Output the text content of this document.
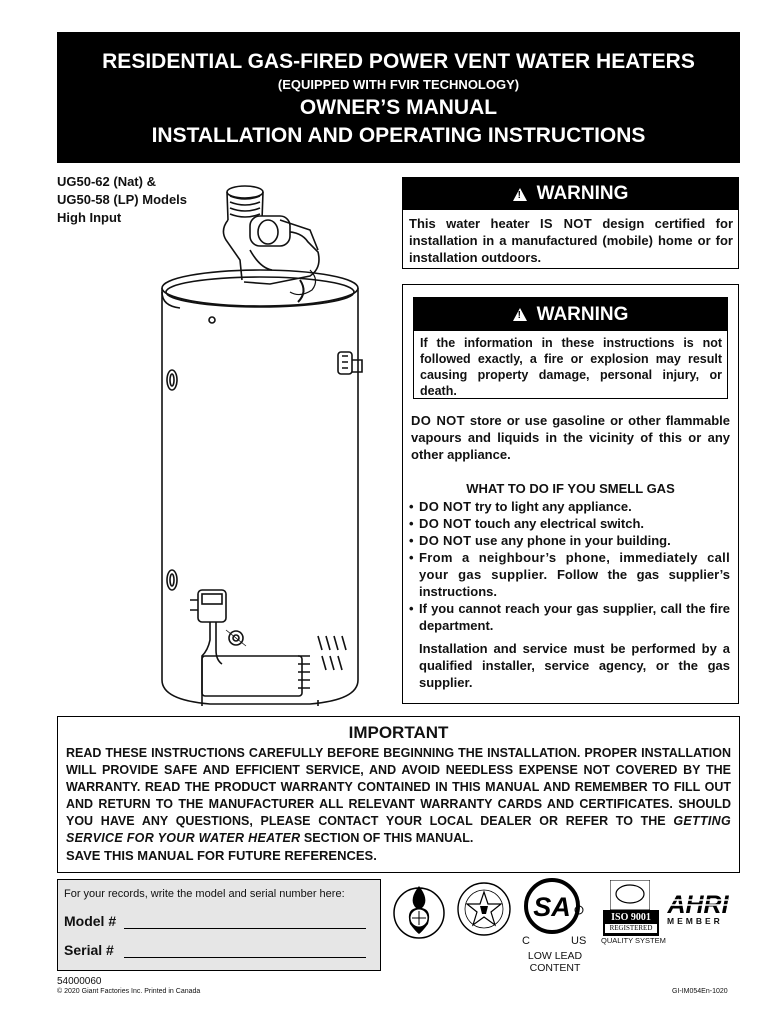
RESIDENTIAL GAS-FIRED POWER VENT WATER HEATERS
(EQUIPPED WITH FVIR TECHNOLOGY)
OWNER’S MANUAL
INSTALLATION AND OPERATING INSTRUCTIONS
UG50-62 (Nat) &
UG50-58 (LP) Models
High Input
! WARNING
This water heater IS NOT design certified for installation in a manufactured (mobile) home or for installation outdoors.
! WARNING
If the information in these instructions is not followed exactly, a fire or explosion may result causing property damage, personal injury, or death.
DO NOT store or use gasoline or other flammable vapours and liquids in the vicinity of this or any other appliance.
WHAT TO DO IF YOU SMELL GAS
• DO NOT try to light any appliance.
• DO NOT touch any electrical switch.
• DO NOT use any phone in your building.
• From a neighbour’s phone, immediately call your gas supplier. Follow the gas supplier’s instructions.
• If you cannot reach your gas supplier, call the fire department.
Installation and service must be performed by a qualified installer, service agency, or the gas supplier.
IMPORTANT
READ THESE INSTRUCTIONS CAREFULLY BEFORE BEGINNING THE INSTALLATION. PROPER INSTALLATION WILL PROVIDE SAFE AND EFFICIENT SERVICE, AND AVOID NEEDLESS EXPENSE NOT COVERED BY THE WARRANTY. READ THE PRODUCT WARRANTY CONTAINED IN THIS MANUAL AND REMEMBER TO FILL OUT AND RETURN TO THE MANUFACTURER ALL RELEVANT WARRANTY CARDS AND CERTIFICATES. SHOULD YOU HAVE ANY QUESTIONS, PLEASE CONTACT YOUR LOCAL DEALER OR REFER TO THE GETTING SERVICE FOR YOUR WATER HEATER SECTION OF THIS MANUAL.
SAVE THIS MANUAL FOR FUTURE REFERENCES.
For your records, write the model and serial number here:
Model #
Serial #
SA
C	US
LOW LEAD CONTENT
ISO 9001
REGISTERED
QUALITY SYSTEM
AHRI
MEMBER
54000060
© 2020 Giant Factories Inc. Printed in Canada	GI-IM054En-1020
